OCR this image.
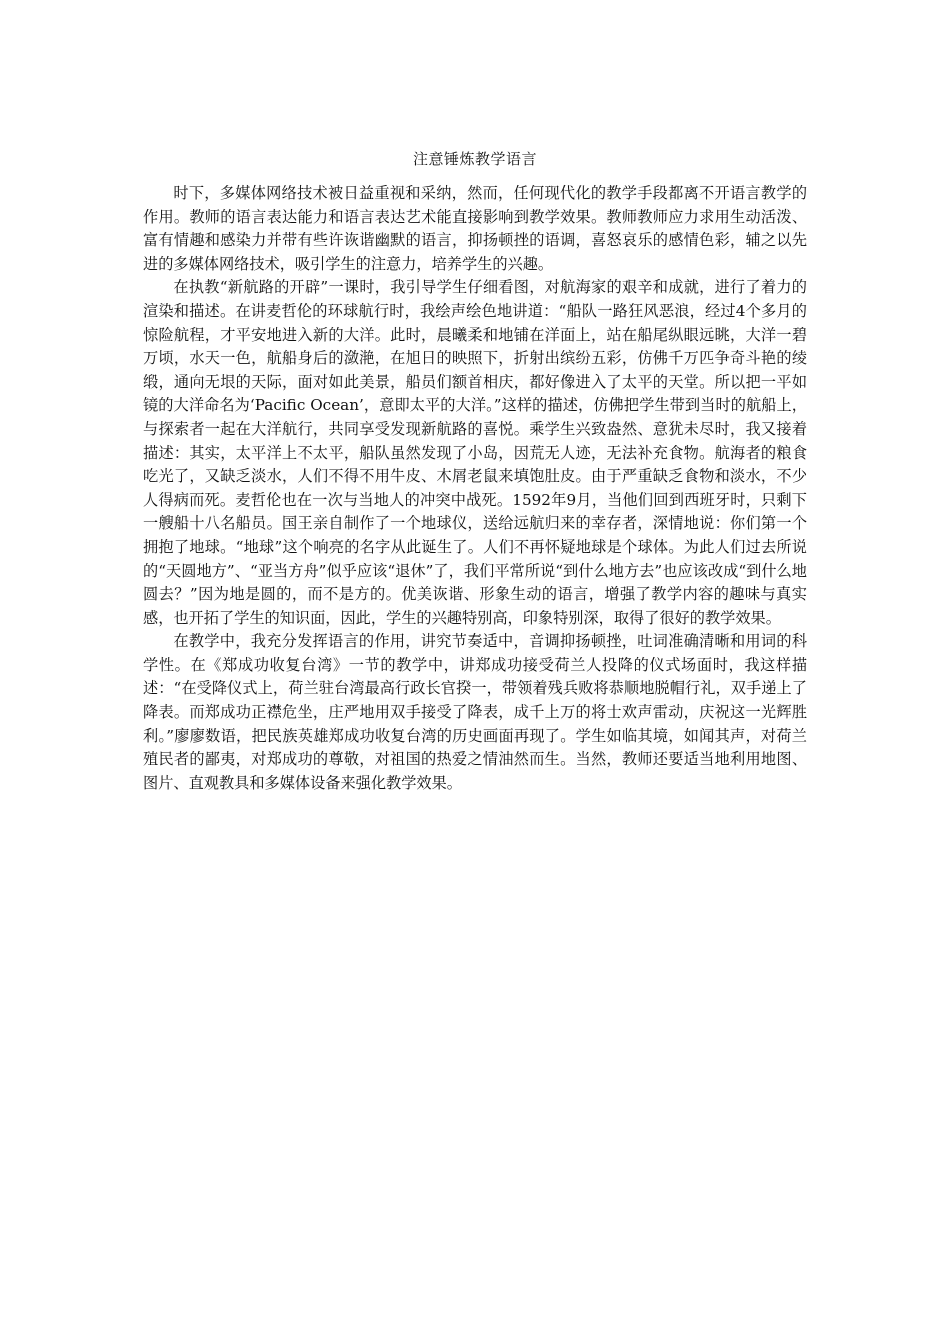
注意锤炼教学语言

时下，多媒体网络技术被日益重视和采纳，然而，任何现代化的教学手段都离不开语言教学的作用。教师的语言表达能力和语言表达艺术能直接影响到教学效果。教师教师应力求用生动活泼、富有情趣和感染力并带有些许诙谐幽默的语言，抑扬顿挫的语调，喜怒哀乐的感情色彩，辅之以先进的多媒体网络技术，吸引学生的注意力，培养学生的兴趣。

在执教“新航路的开辟”一课时，我引导学生仔细看图，对航海家的艰辛和成就，进行了着力的渲染和描述。在讲麦哲伦的环球航行时，我绘声绘色地讲道：“船队一路狂风恶浪，经过4个多月的惊险航程，才平安地进入新的大洋。此时，晨曦柔和地铺在洋面上，站在船尾纵眼远眺，大洋一碧万顷，水天一色，航船身后的潋滟，在旭日的映照下，折射出缤纷五彩，仿佛千万匹争奇斗艳的绫缎，通向无垠的天际，面对如此美景，船员们额首相庆，都好像进入了太平的天堂。所以把一平如镜的大洋命名为‘Pacific Ocean’，意即太平的大洋。”这样的描述，仿佛把学生带到当时的航船上，与探索者一起在大洋航行，共同享受发现新航路的喜悦。乘学生兴致盎然、意犹未尽时，我又接着描述：其实，太平洋上不太平，船队虽然发现了小岛，因荒无人迹，无法补充食物。航海者的粮食吃光了，又缺乏淡水，人们不得不用牛皮、木屑老鼠来填饱肚皮。由于严重缺乏食物和淡水，不少人得病而死。麦哲伦也在一次与当地人的冲突中战死。1592年9月，当他们回到西班牙时，只剩下一艘船十八名船员。国王亲自制作了一个地球仪，送给远航归来的幸存者，深情地说：你们第一个拥抱了地球。“地球”这个响亮的名字从此诞生了。人们不再怀疑地球是个球体。为此人们过去所说的“天圆地方”、“亚当方舟”似乎应该“退休”了，我们平常所说“到什么地方去”也应该改成“到什么地圆去？”因为地是圆的，而不是方的。优美诙谐、形象生动的语言，增强了教学内容的趣味与真实感，也开拓了学生的知识面，因此，学生的兴趣特别高，印象特别深，取得了很好的教学效果。

在教学中，我充分发挥语言的作用，讲究节奏适中，音调抑扬顿挫，吐词准确清晰和用词的科学性。在《郑成功收复台湾》一节的教学中，讲郑成功接受荷兰人投降的仪式场面时，我这样描述：“在受降仪式上，荷兰驻台湾最高行政长官揆一，带领着残兵败将恭顺地脱帽行礼，双手递上了降表。而郑成功正襟危坐，庄严地用双手接受了降表，成千上万的将士欢声雷动，庆祝这一光辉胜利。”廖廖数语，把民族英雄郑成功收复台湾的历史画面再现了。学生如临其境，如闻其声，对荷兰殖民者的鄙夷，对郑成功的尊敬，对祖国的热爱之情油然而生。当然，教师还要适当地利用地图、图片、直观教具和多媒体设备来强化教学效果。
